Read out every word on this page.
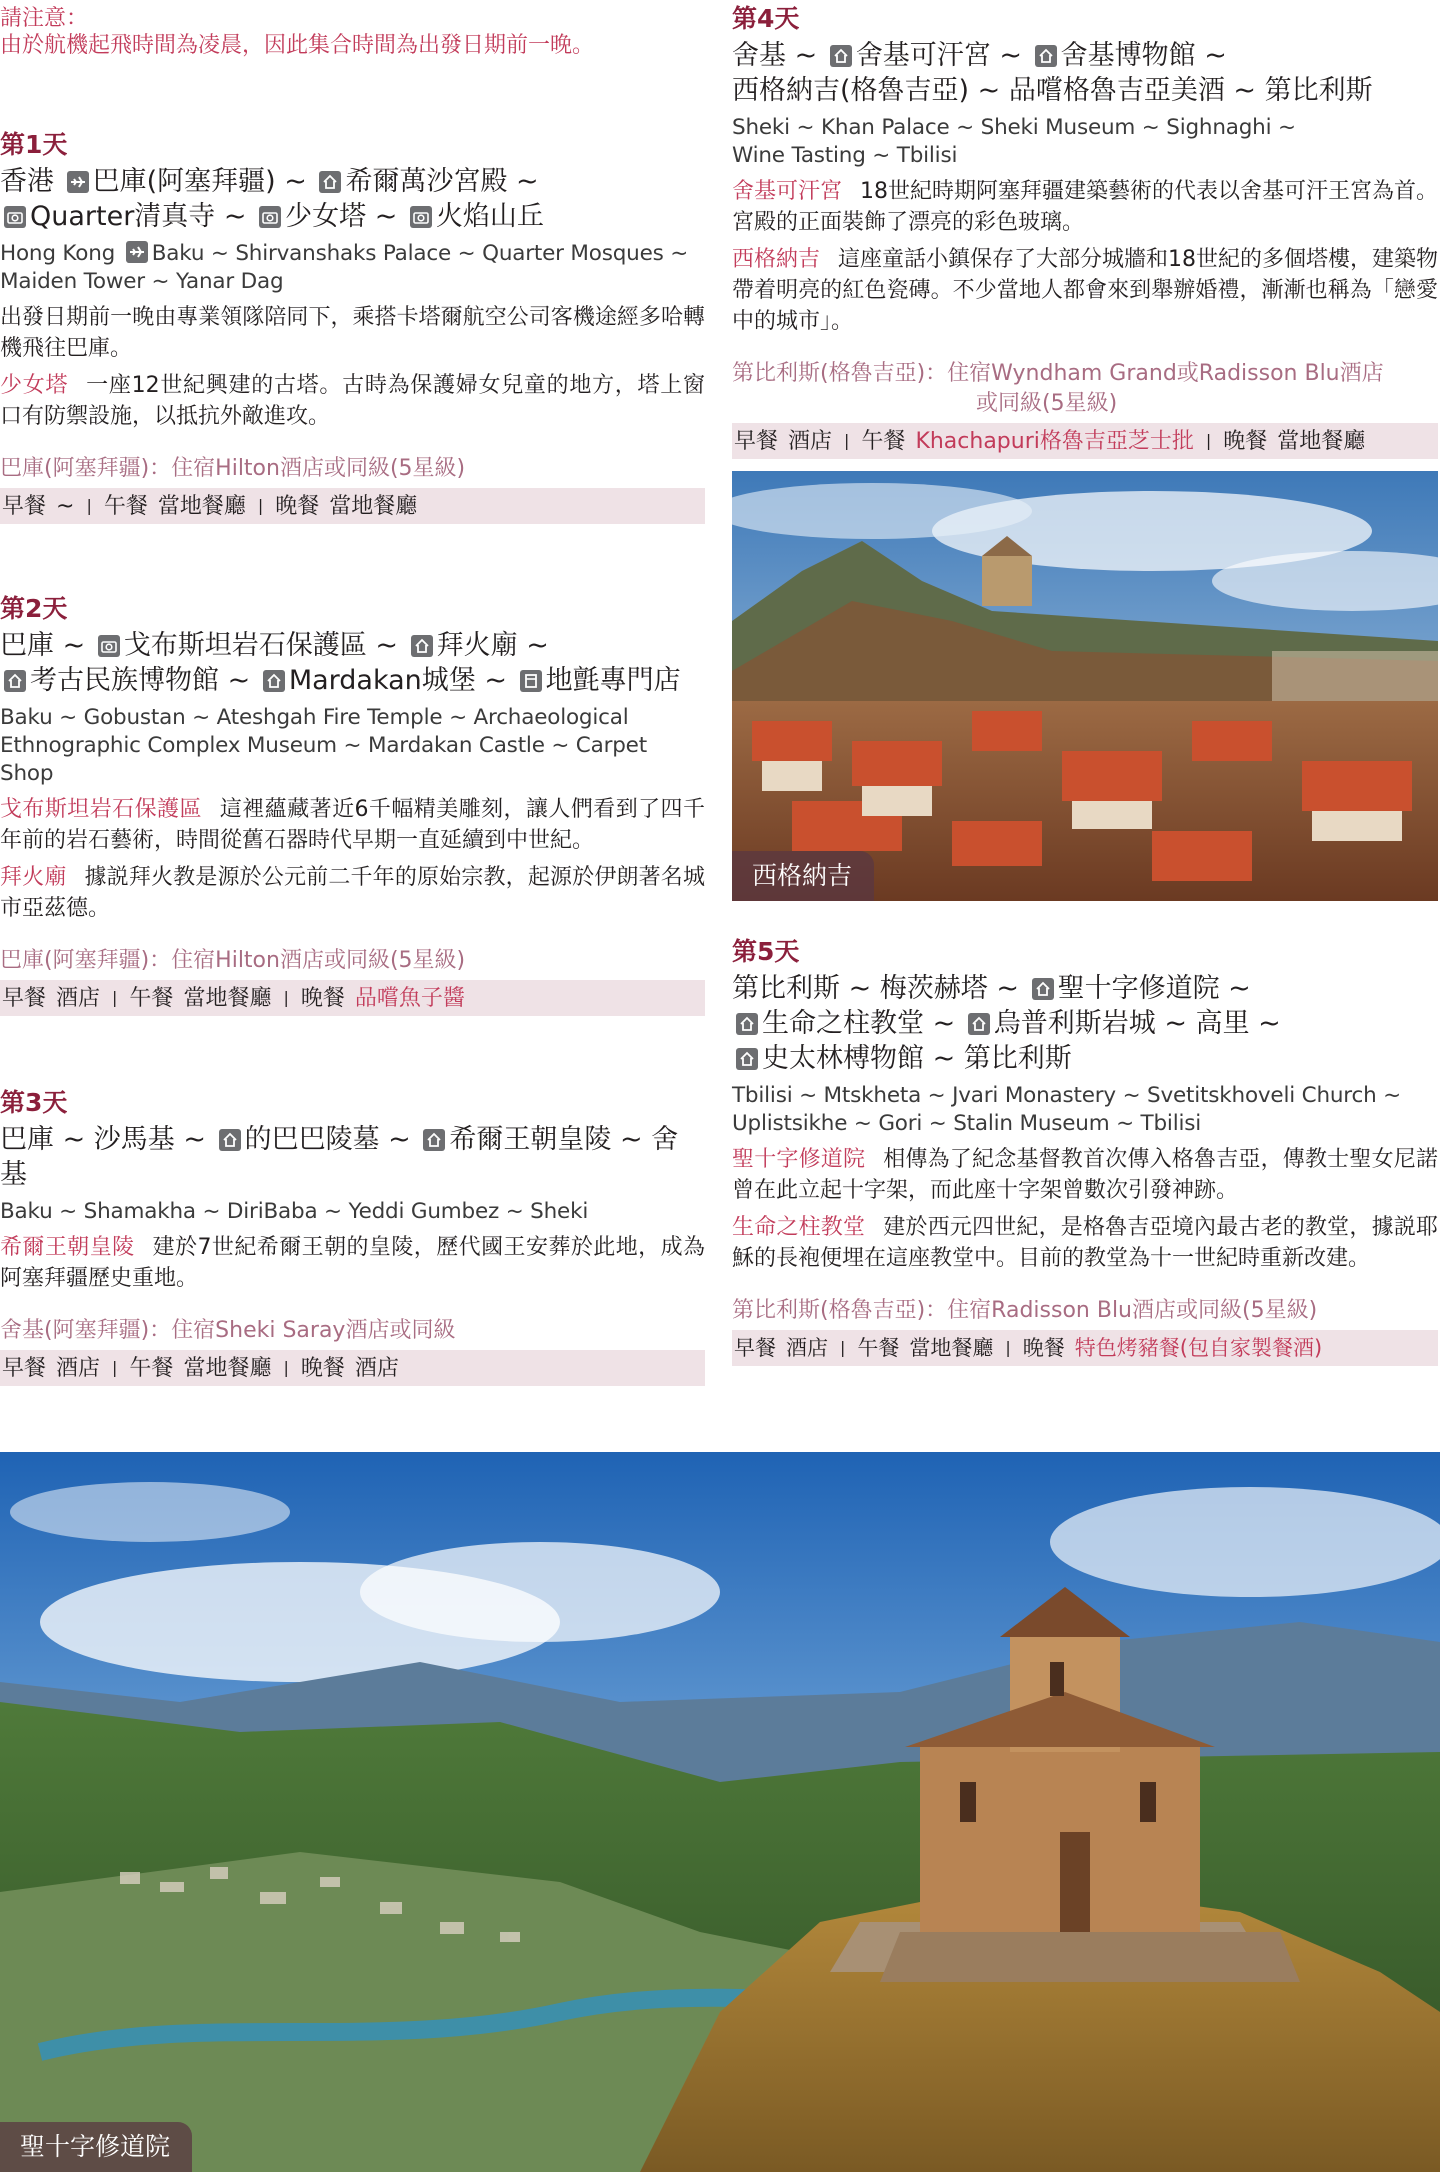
請注意：
由於航機起飛時間為凌晨，因此集合時間為出發日期前一晚。
第1天
香港 巴庫(阿塞拜疆) ~ 希爾萬沙宮殿 ~

Quarter清真寺 ~ 少女塔 ~ 火焰山丘
Hong Kong Baku ~ Shirvanshaks Palace ~ Quarter Mosques ~
Maiden Tower ~ Yanar Dag
出發日期前一晚由專業領隊陪同下，乘搭卡塔爾航空公司客機途經多哈轉機飛往巴庫。
少女塔 一座12世紀興建的古塔。古時為保護婦女兒童的地方，塔上窗口有防禦設施，以抵抗外敵進攻。
巴庫(阿塞拜疆)：住宿Hilton酒店或同級(5星級)
早餐 ~ | 午餐 當地餐廳 | 晚餐 當地餐廳
第2天
巴庫 ~ 戈布斯坦岩石保護區 ~ 拜火廟 ~

考古民族博物館 ~ Mardakan城堡 ~ 地氈專門店
Baku ~ Gobustan ~ Ateshgah Fire Temple ~ Archaeological
Ethnographic Complex Museum ~ Mardakan Castle ~ Carpet Shop
戈布斯坦岩石保護區 這裡蘊藏著近6千幅精美雕刻，讓人們看到了四千年前的岩石藝術，時間從舊石器時代早期一直延續到中世紀。
拜火廟 據説拜火教是源於公元前二千年的原始宗教，起源於伊朗著名城市亞茲德。
巴庫(阿塞拜疆)：住宿Hilton酒店或同級(5星級)
早餐 酒店 | 午餐 當地餐廳 | 晚餐 品嚐魚子醬
第3天
巴庫 ~ 沙馬基 ~ 的巴巴陵墓 ~ 希爾王朝皇陵 ~ 舍基
Baku ~ Shamakha ~ DiriBaba ~ Yeddi Gumbez ~ Sheki
希爾王朝皇陵 建於7世紀希爾王朝的皇陵，歷代國王安葬於此地，成為阿塞拜疆歷史重地。
舍基(阿塞拜疆)：住宿Sheki Saray酒店或同級
早餐 酒店 | 午餐 當地餐廳 | 晚餐 酒店
第4天
舍基 ~ 舍基可汗宮 ~ 舍基博物館 ~
西格納吉(格魯吉亞) ~ 品嚐格魯吉亞美酒 ~ 第比利斯
Sheki ~ Khan Palace ~ Sheki Museum ~ Sighnaghi ~
Wine Tasting ~ Tbilisi
舍基可汗宮 18世紀時期阿塞拜疆建築藝術的代表以舍基可汗王宮為首。宮殿的正面裝飾了漂亮的彩色玻璃。
西格納吉 這座童話小鎮保存了大部分城牆和18世紀的多個塔樓，建築物帶着明亮的紅色瓷磚。不少當地人都會來到舉辦婚禮，漸漸也稱為「戀愛中的城市」。
第比利斯(格魯吉亞)：住宿Wyndham Grand或Radisson Blu酒店
或同級(5星級)
早餐 酒店 | 午餐 Khachapuri格魯吉亞芝士批 | 晚餐 當地餐廳
西格納吉
第5天
第比利斯 ~ 梅茨赫塔 ~ 聖十字修道院 ~

生命之柱教堂 ~ 烏普利斯岩城 ~ 高里 ~

史太林榑物館 ~ 第比利斯
Tbilisi ~ Mtskheta ~ Jvari Monastery ~ Svetitskhoveli Church ~
Uplistsikhe ~ Gori ~ Stalin Museum ~ Tbilisi
聖十字修道院 相傳為了紀念基督教首次傳入格魯吉亞，傳教士聖女尼諾曾在此立起十字架，而此座十字架曾數次引發神跡。
生命之柱教堂 建於西元四世紀，是格魯吉亞境內最古老的教堂，據説耶穌的長袍便埋在這座教堂中。目前的教堂為十一世紀時重新改建。
第比利斯(格魯吉亞)：住宿Radisson Blu酒店或同級(5星級)
早餐 酒店 | 午餐 當地餐廳 | 晚餐 特色烤豬餐(包自家製餐酒)
聖十字修道院
